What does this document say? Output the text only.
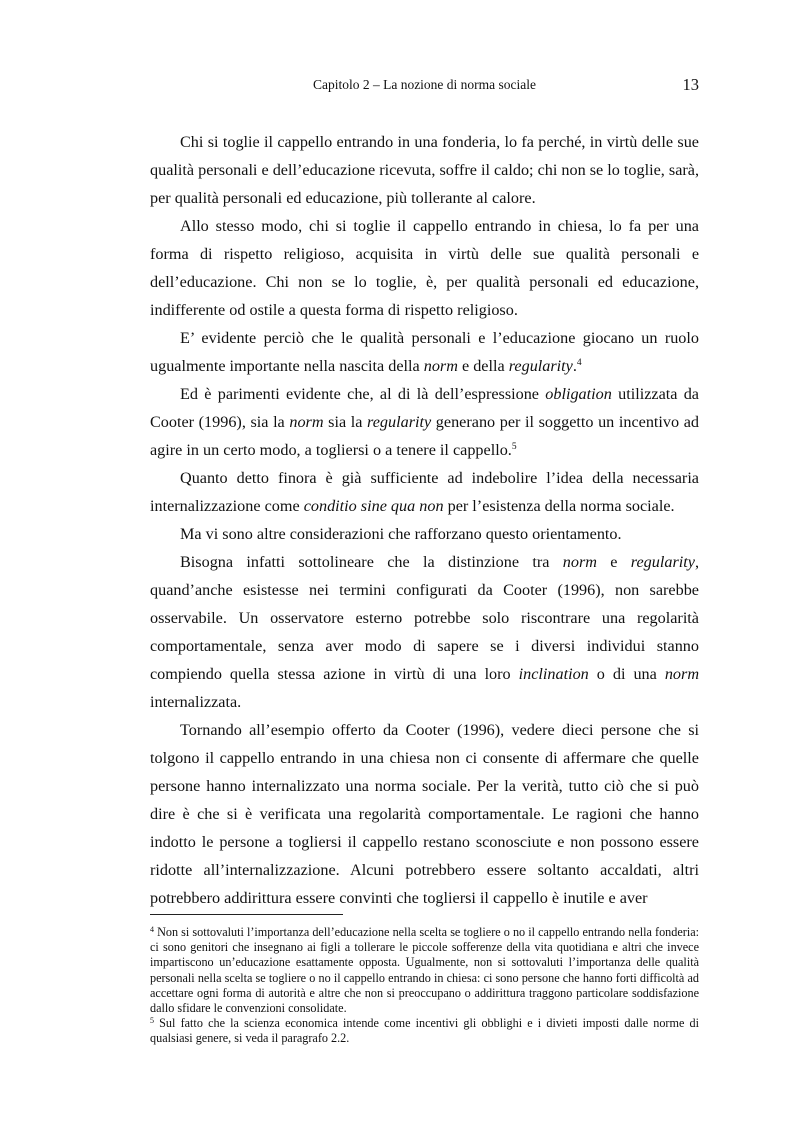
Capitolo 2 – La nozione di norma sociale	13

Chi si toglie il cappello entrando in una fonderia, lo fa perché, in virtù delle sue qualità personali e dell’educazione ricevuta, soffre il caldo; chi non se lo toglie, sarà, per qualità personali ed educazione, più tollerante al calore.

Allo stesso modo, chi si toglie il cappello entrando in chiesa, lo fa per una forma di rispetto religioso, acquisita in virtù delle sue qualità personali e dell’educazione. Chi non se lo toglie, è, per qualità personali ed educazione, indifferente od ostile a questa forma di rispetto religioso.

E’ evidente perciò che le qualità personali e l’educazione giocano un ruolo ugualmente importante nella nascita della norm e della regularity.$^4$

Ed è parimenti evidente che, al di là dell’espressione obligation utilizzata da Cooter (1996), sia la norm sia la regularity generano per il soggetto un incentivo ad agire in un certo modo, a togliersi o a tenere il cappello.$^5$

Quanto detto finora è già sufficiente ad indebolire l’idea della necessaria internalizzazione come conditio sine qua non per l’esistenza della norma sociale.

Ma vi sono altre considerazioni che rafforzano questo orientamento.

Bisogna infatti sottolineare che la distinzione tra norm e regularity, quand’anche esistesse nei termini configurati da Cooter (1996), non sarebbe osservabile. Un osservatore esterno potrebbe solo riscontrare una regolarità comportamentale, senza aver modo di sapere se i diversi individui stanno compiendo quella stessa azione in virtù di una loro inclination o di una norm internalizzata.

Tornando all’esempio offerto da Cooter (1996), vedere dieci persone che si tolgono il cappello entrando in una chiesa non ci consente di affermare che quelle persone hanno internalizzato una norma sociale. Per la verità, tutto ciò che si può dire è che si è verificata una regolarità comportamentale. Le ragioni che hanno indotto le persone a togliersi il cappello restano sconosciute e non possono essere ridotte all’internalizzazione. Alcuni potrebbero essere soltanto accaldati, altri potrebbero addirittura essere convinti che togliersi il cappello è inutile e aver

$^4$ Non si sottovaluti l’importanza dell’educazione nella scelta se togliere o no il cappello entrando nella fonderia: ci sono genitori che insegnano ai figli a tollerare le piccole sofferenze della vita quotidiana e altri che invece impartiscono un’educazione esattamente opposta. Ugualmente, non si sottovaluti l’importanza delle qualità personali nella scelta se togliere o no il cappello entrando in chiesa: ci sono persone che hanno forti difficoltà ad accettare ogni forma di autorità e altre che non si preoccupano o addirittura traggono particolare soddisfazione dallo sfidare le convenzioni consolidate.

$^5$ Sul fatto che la scienza economica intende come incentivi gli obblighi e i divieti imposti dalle norme di qualsiasi genere, si veda il paragrafo 2.2.
